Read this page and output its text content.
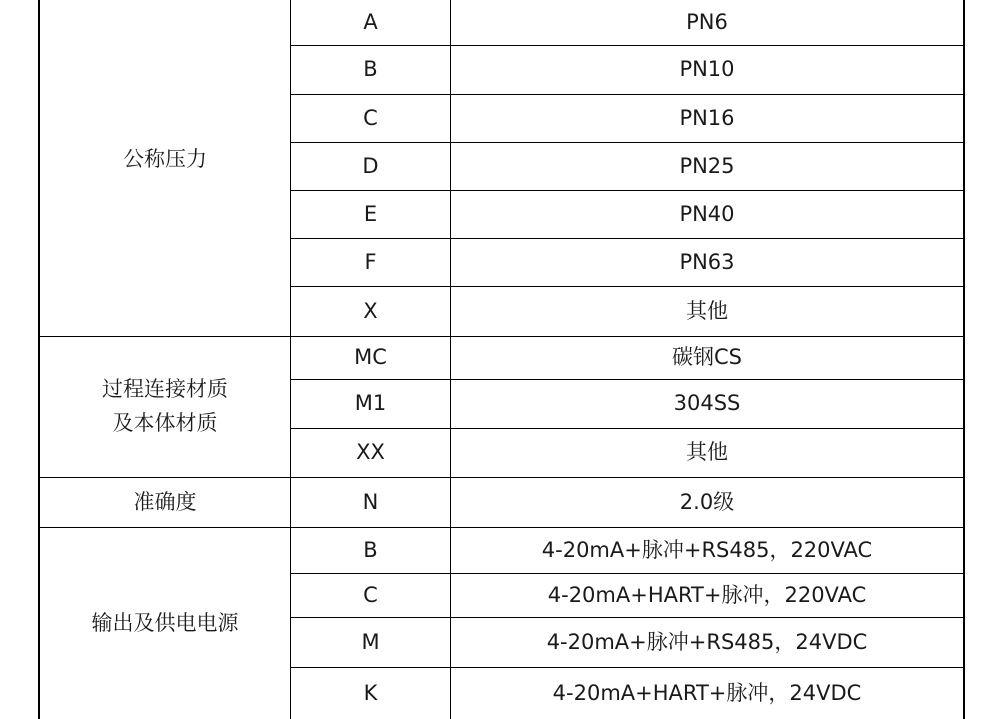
公称压力
A	PN6
B	PN10
C	PN16
D	PN25
E	PN40
F	PN63
X	其他
过程连接材质
及本体材质
MC	碳钢CS
M1	304SS
XX	其他
准确度	N	2.0级
输出及供电电源
B	4-20mA+脉冲+RS485，220VAC
C	4-20mA+HART+脉冲，220VAC
M	4-20mA+脉冲+RS485，24VDC
K	4-20mA+HART+脉冲，24VDC
